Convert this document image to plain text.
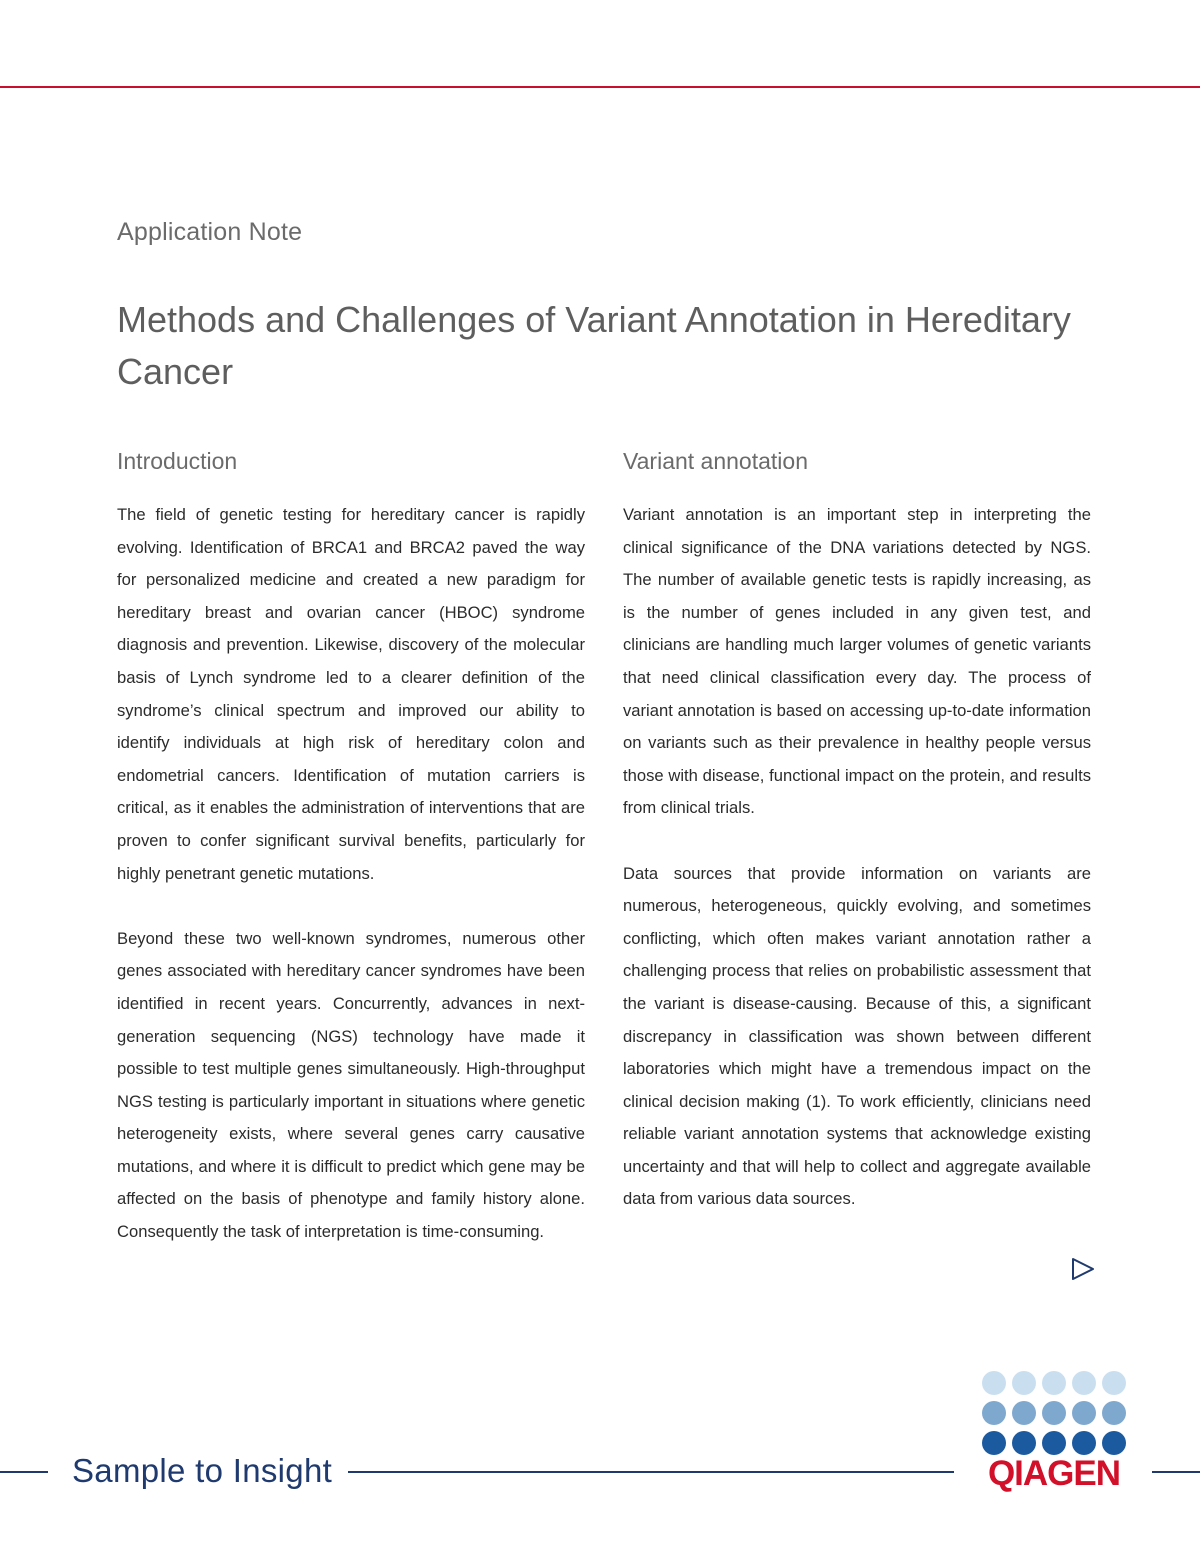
Application Note
Methods and Challenges of Variant Annotation in Hereditary Cancer
Introduction

The field of genetic testing for hereditary cancer is rapidly evolving. Identification of BRCA1 and BRCA2 paved the way for personalized medicine and created a new paradigm for hereditary breast and ovarian cancer (HBOC) syndrome diagnosis and prevention. Likewise, discovery of the molecular basis of Lynch syndrome led to a clearer definition of the syndrome’s clinical spectrum and improved our ability to identify individuals at high risk of hereditary colon and endometrial cancers. Identification of mutation carriers is critical, as it enables the administration of interventions that are proven to confer significant survival benefits, particularly for highly penetrant genetic mutations.

Beyond these two well-known syndromes, numerous other genes associated with hereditary cancer syndromes have been identified in recent years. Concurrently, advances in next-generation sequencing (NGS) technology have made it possible to test multiple genes simultaneously. High-throughput NGS testing is particularly important in situations where genetic heterogeneity exists, where several genes carry causative mutations, and where it is difficult to predict which gene may be affected on the basis of phenotype and family history alone. Consequently the task of interpretation is time-consuming.

Variant annotation

Variant annotation is an important step in interpreting the clinical significance of the DNA variations detected by NGS. The number of available genetic tests is rapidly increasing, as is the number of genes included in any given test, and clinicians are handling much larger volumes of genetic variants that need clinical classification every day. The process of variant annotation is based on accessing up-to-date information on variants such as their prevalence in healthy people versus those with disease, functional impact on the protein, and results from clinical trials.

Data sources that provide information on variants are numerous, heterogeneous, quickly evolving, and sometimes conflicting, which often makes variant annotation rather a challenging process that relies on probabilistic assessment that the variant is disease-causing. Because of this, a significant discrepancy in classification was shown between different laboratories which might have a tremendous impact on the clinical decision making (1). To work efficiently, clinicians need reliable variant annotation systems that acknowledge existing uncertainty and that will help to collect and aggregate available data from various data sources.

Sample to Insight	QIAGEN
